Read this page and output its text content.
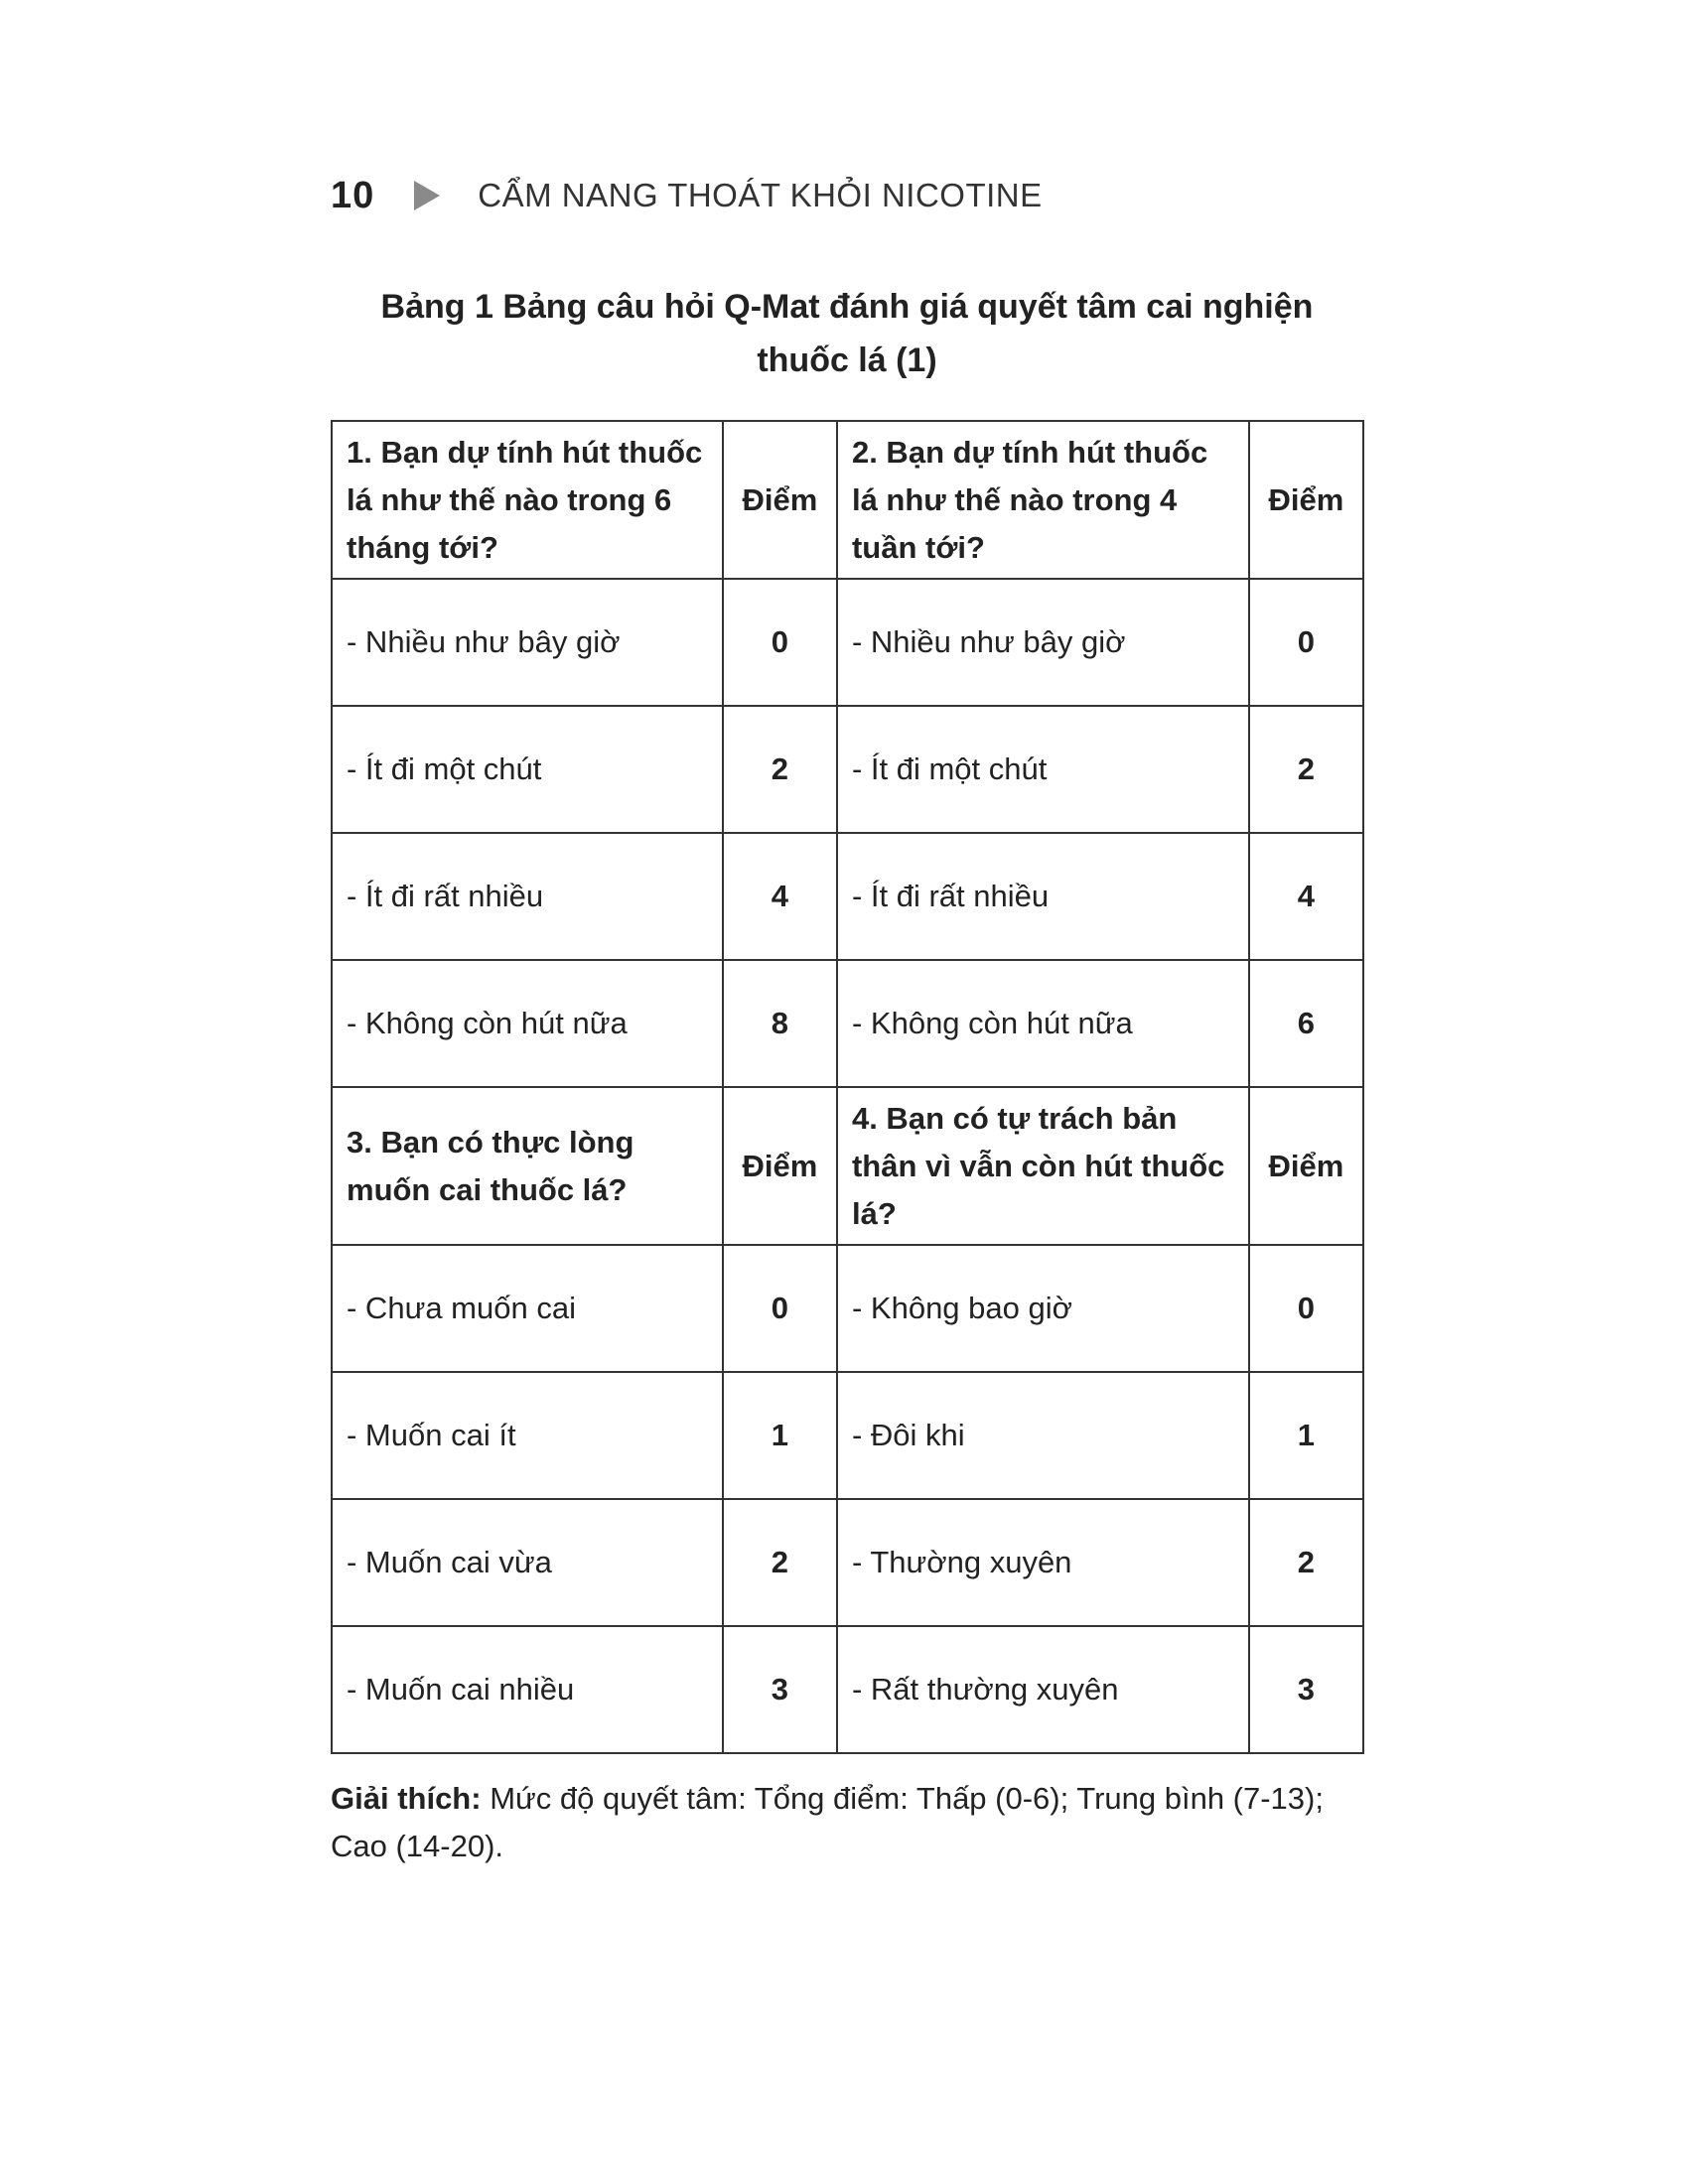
10	CẨM NANG THOÁT KHỎI NICOTINE
Bảng 1 Bảng câu hỏi Q-Mat đánh giá quyết tâm cai nghiện
thuốc lá (1)
1. Bạn dự tính hút thuốc lá như thế nào trong 6 tháng tới?	Điểm	2. Bạn dự tính hút thuốc lá như thế nào trong 4 tuần tới?	Điểm
- Nhiều như bây giờ	0	- Nhiều như bây giờ	0
- Ít đi một chút	2	- Ít đi một chút	2
- Ít đi rất nhiều	4	- Ít đi rất nhiều	4
- Không còn hút nữa	8	- Không còn hút nữa	6
3. Bạn có thực lòng muốn cai thuốc lá?	Điểm	4. Bạn có tự trách bản thân vì vẫn còn hút thuốc lá?	Điểm
- Chưa muốn cai	0	- Không bao giờ	0
- Muốn cai ít	1	- Đôi khi	1
- Muốn cai vừa	2	- Thường xuyên	2
- Muốn cai nhiều	3	- Rất thường xuyên	3
Giải thích: Mức độ quyết tâm: Tổng điểm: Thấp (0-6); Trung bình (7-13); Cao (14-20).
